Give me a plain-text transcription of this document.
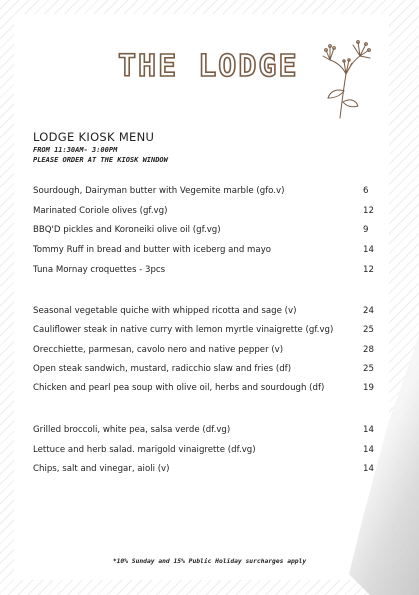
THE LODGE
LODGE KIOSK MENU
FROM 11:30AM- 3:00PM
PLEASE ORDER AT THE KIOSK WINDOW
Sourdough, Dairyman butter with Vegemite marble (gfo.v)	6
Marinated Coriole olives (gf.vg)	12
BBQ'D pickles and Koroneiki olive oil (gf.vg)	9
Tommy Ruff in bread and butter with iceberg and mayo	14
Tuna Mornay croquettes - 3pcs	12
Seasonal vegetable quiche with whipped ricotta and sage (v)	24
Cauliflower steak in native curry with lemon myrtle vinaigrette (gf.vg)	25
Orecchiette, parmesan, cavolo nero and native pepper (v)	28
Open steak sandwich, mustard, radicchio slaw and fries (df)	25
Chicken and pearl pea soup with olive oil, herbs and sourdough (df)	19
Grilled broccoli, white pea, salsa verde (df.vg)	14
Lettuce and herb salad. marigold vinaigrette (df.vg)	14
Chips, salt and vinegar, aioli (v)	14
*10% Sunday and 15% Public Holiday surcharges apply
